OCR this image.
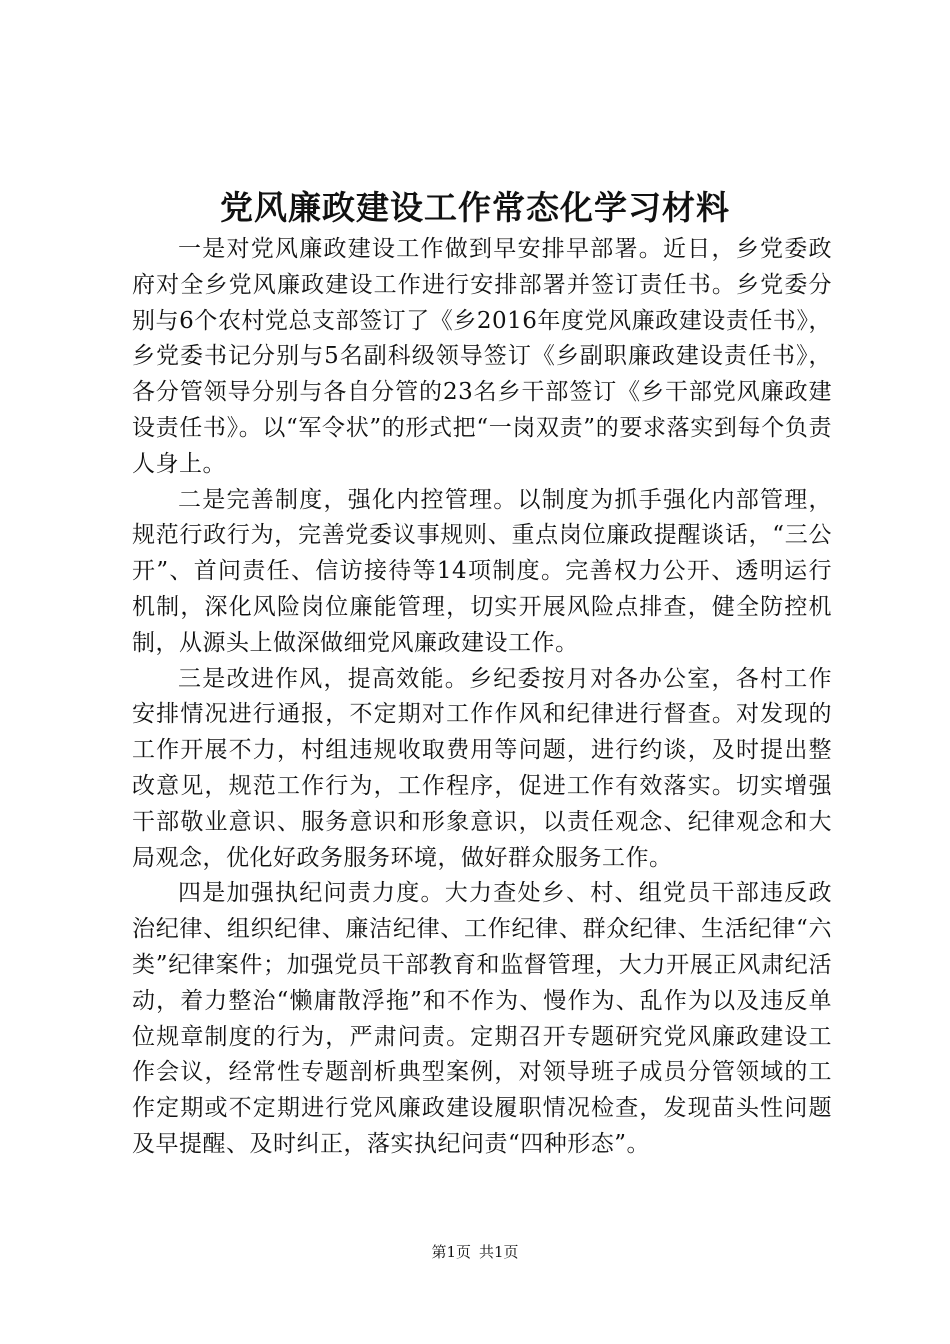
党风廉政建设工作常态化学习材料

一是对党风廉政建设工作做到早安排早部署。近日，乡党委政府对全乡党风廉政建设工作进行安排部署并签订责任书。乡党委分别与6个农村党总支部签订了《乡2016年度党风廉政建设责任书》，乡党委书记分别与5名副科级领导签订《乡副职廉政建设责任书》，各分管领导分别与各自分管的23名乡干部签订《乡干部党风廉政建设责任书》。以“军令状”的形式把“一岗双责”的要求落实到每个负责人身上。

二是完善制度，强化内控管理。以制度为抓手强化内部管理，规范行政行为，完善党委议事规则、重点岗位廉政提醒谈话，“三公开”、首问责任、信访接待等14项制度。完善权力公开、透明运行机制，深化风险岗位廉能管理，切实开展风险点排查，健全防控机制，从源头上做深做细党风廉政建设工作。

三是改进作风，提高效能。乡纪委按月对各办公室，各村工作安排情况进行通报，不定期对工作作风和纪律进行督查。对发现的工作开展不力，村组违规收取费用等问题，进行约谈，及时提出整改意见，规范工作行为，工作程序，促进工作有效落实。切实增强干部敬业意识、服务意识和形象意识，以责任观念、纪律观念和大局观念，优化好政务服务环境，做好群众服务工作。

四是加强执纪问责力度。大力查处乡、村、组党员干部违反政治纪律、组织纪律、廉洁纪律、工作纪律、群众纪律、生活纪律“六类”纪律案件；加强党员干部教育和监督管理，大力开展正风肃纪活动，着力整治“懒庸散浮拖”和不作为、慢作为、乱作为以及违反单位规章制度的行为，严肃问责。定期召开专题研究党风廉政建设工作会议，经常性专题剖析典型案例，对领导班子成员分管领域的工作定期或不定期进行党风廉政建设履职情况检查，发现苗头性问题及早提醒、及时纠正，落实执纪问责“四种形态”。

第1页 共1页
